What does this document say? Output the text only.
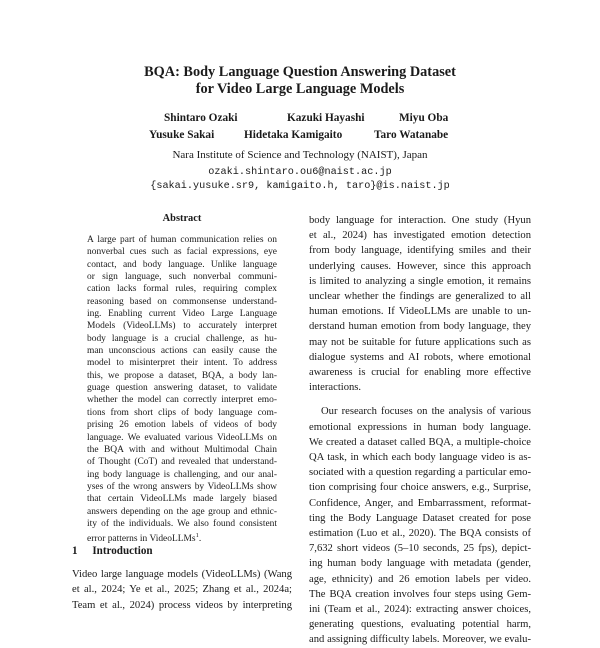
BQA: Body Language Question Answering Dataset
for Video Large Language Models
Shintaro Ozaki	Kazuki Hayashi	Miyu Oba
Yusuke Sakai	Hidetaka Kamigaito	Taro Watanabe
Nara Institute of Science and Technology (NAIST), Japan
ozaki.shintaro.ou6@naist.ac.jp
{sakai.yusuke.sr9, kamigaito.h, taro}@is.naist.jp
Abstract
A large part of human communication relies on
nonverbal cues such as facial expressions, eye
contact, and body language. Unlike language
or sign language, such nonverbal communi-
cation lacks formal rules, requiring complex
reasoning based on commonsense understand-
ing. Enabling current Video Large Language
Models (VideoLLMs) to accurately interpret
body language is a crucial challenge, as hu-
man unconscious actions can easily cause the
model to misinterpret their intent. To address
this, we propose a dataset, BQA, a body lan-
guage question answering dataset, to validate
whether the model can correctly interpret emo-
tions from short clips of body language com-
prising 26 emotion labels of videos of body
language. We evaluated various VideoLLMs on
the BQA with and without Multimodal Chain
of Thought (CoT) and revealed that understand-
ing body language is challenging, and our anal-
yses of the wrong answers by VideoLLMs show
that certain VideoLLMs made largely biased
answers depending on the age group and ethnic-
ity of the individuals. We also found consistent
error patterns in VideoLLMs$^1$.
1 Introduction
Video large language models (VideoLLMs) (Wang
et al., 2024; Ye et al., 2025; Zhang et al., 2024a;
Team et al., 2024) process videos by interpreting
body language for interaction. One study (Hyun
et al., 2024) has investigated emotion detection
from body language, identifying smiles and their
underlying causes. However, since this approach
is limited to analyzing a single emotion, it remains
unclear whether the findings are generalized to all
human emotions. If VideoLLMs are unable to un-
derstand human emotion from body language, they
may not be suitable for future applications such as
dialogue systems and AI robots, where emotional
awareness is crucial for enabling more effective
interactions.
Our research focuses on the analysis of various
emotional expressions in human body language.
We created a dataset called BQA, a multiple-choice
QA task, in which each body language video is as-
sociated with a question regarding a particular emo-
tion comprising four choice answers, e.g., Surprise,
Confidence, Anger, and Embarrassment, reformat-
ting the Body Language Dataset created for pose
estimation (Luo et al., 2020). The BQA consists of
7,632 short videos (5–10 seconds, 25 fps), depict-
ing human body language with metadata (gender,
age, ethnicity) and 26 emotion labels per video.
The BQA creation involves four steps using Gem-
ini (Team et al., 2024): extracting answer choices,
generating questions, evaluating potential harm,
and assigning difficulty labels. Moreover, we evalu-
